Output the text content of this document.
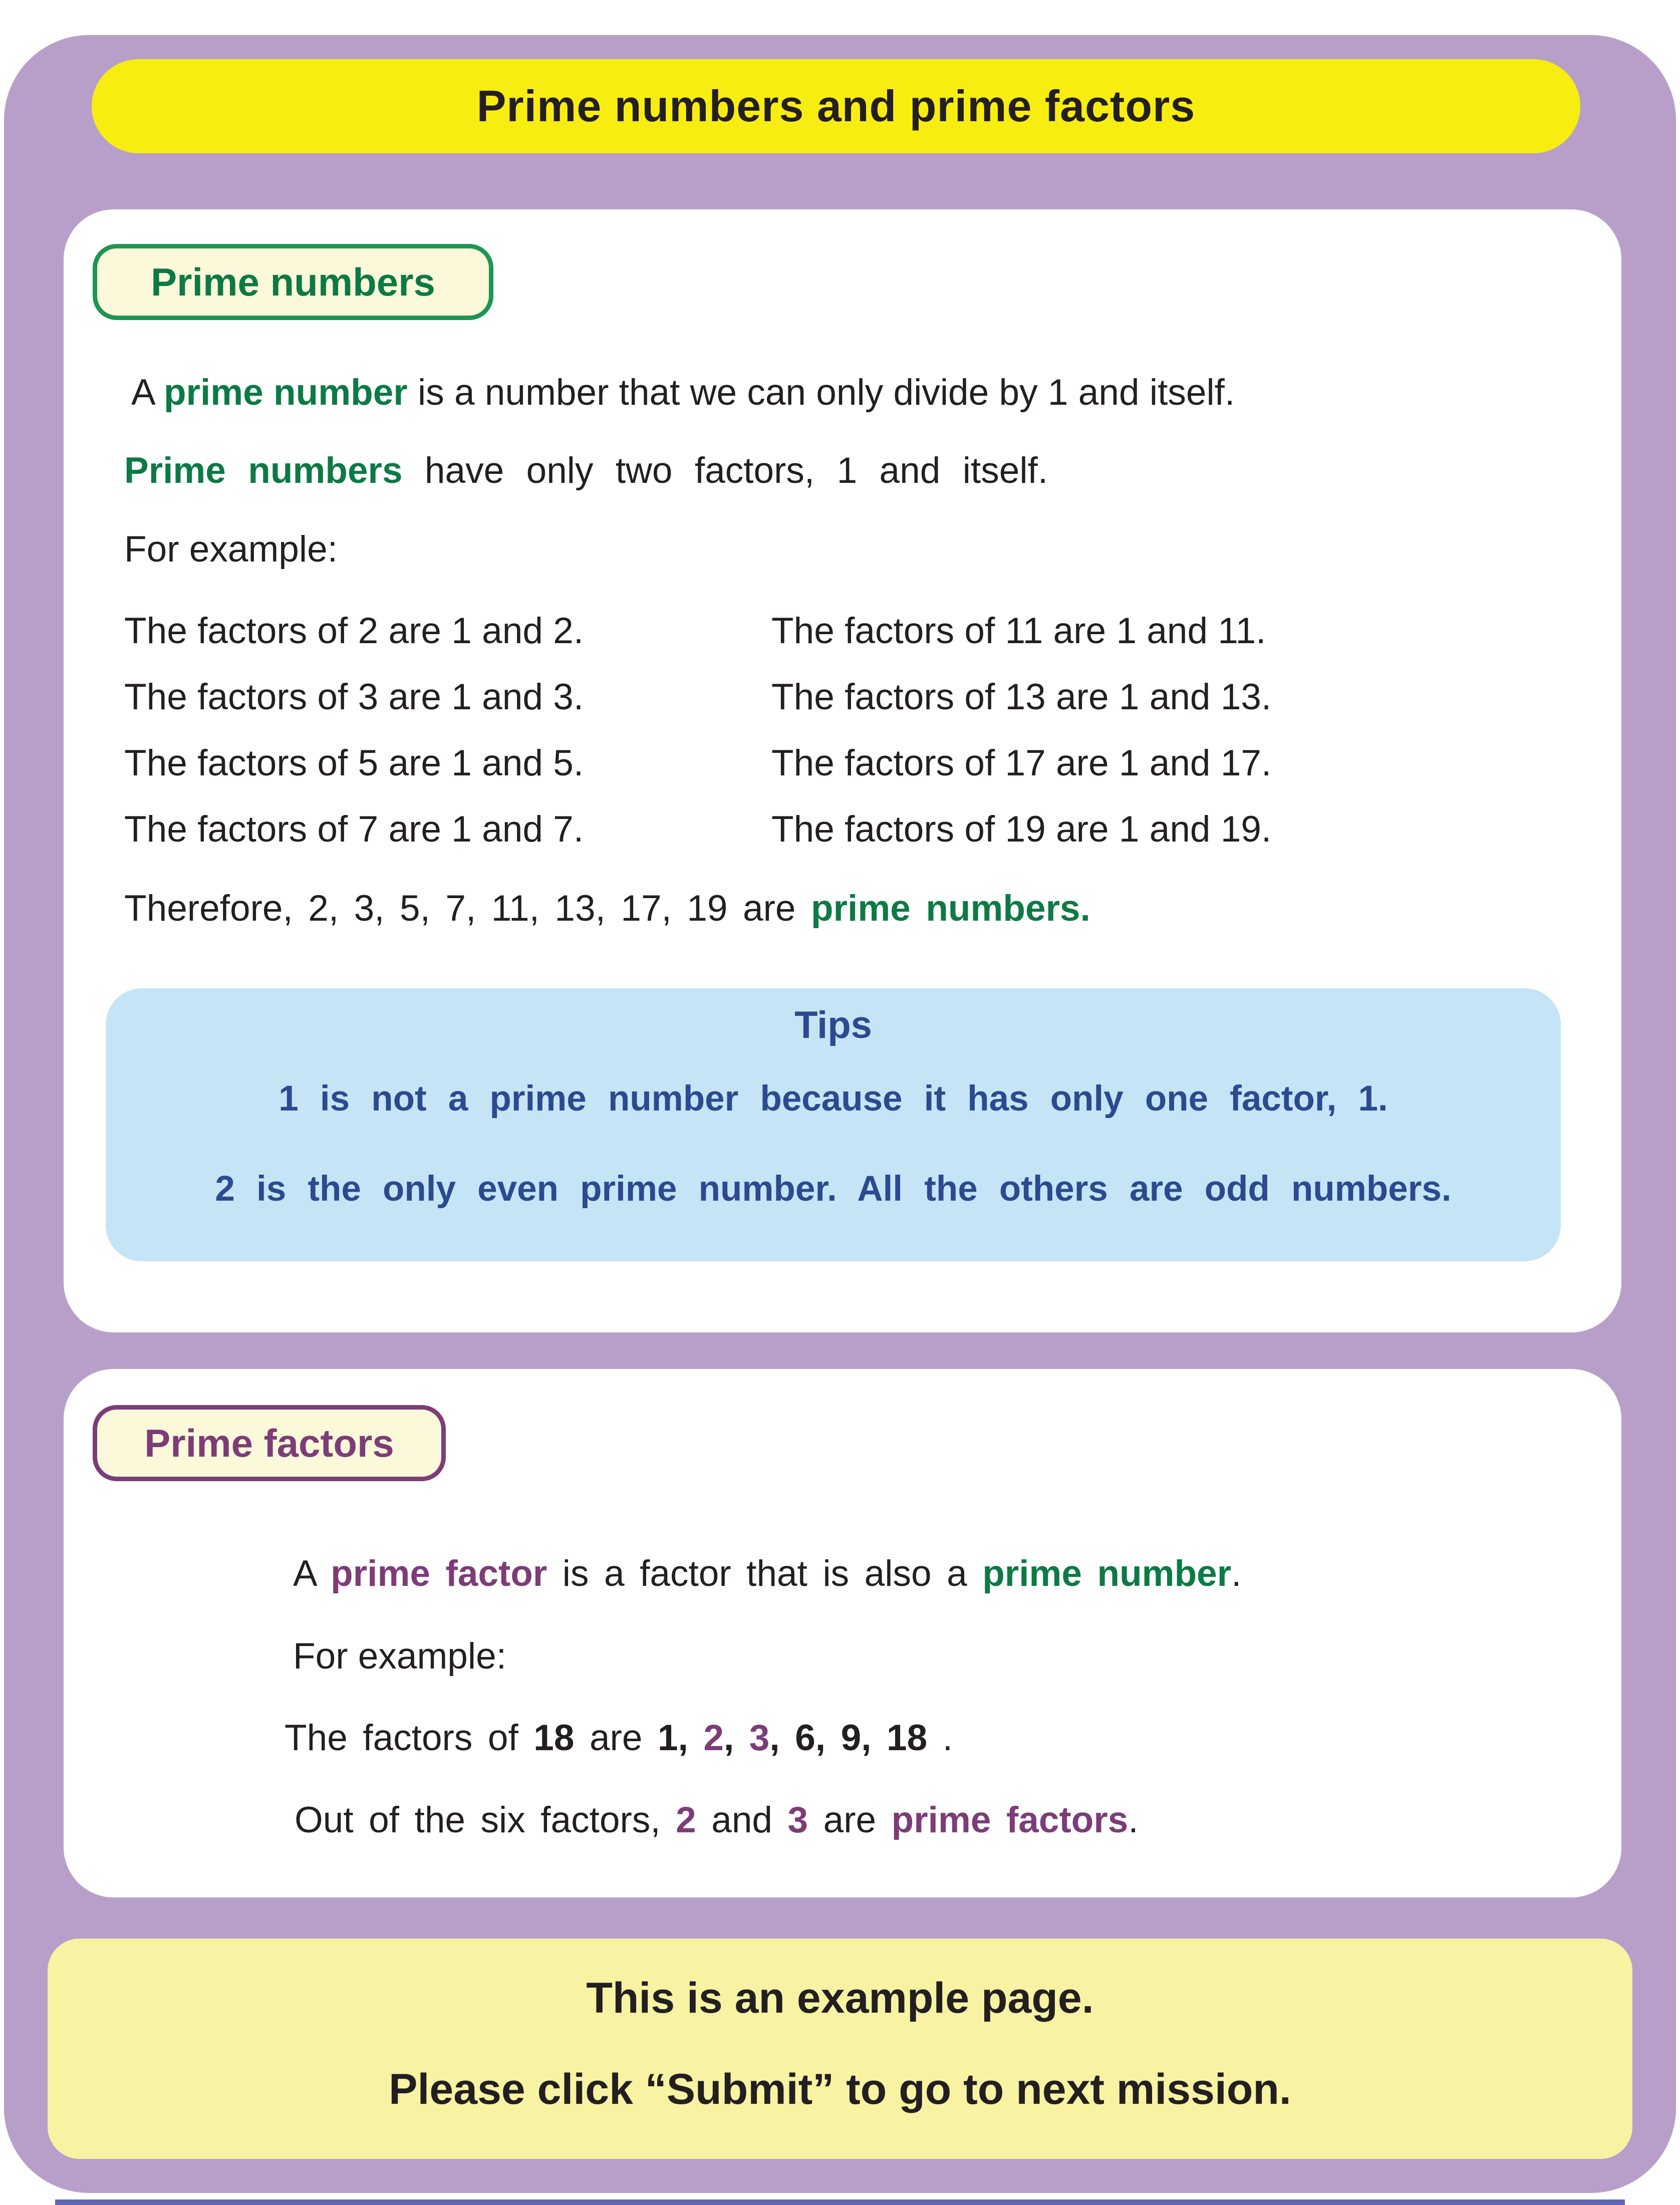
Prime numbers and prime factors
Prime numbers
A prime number is a number that we can only divide by 1 and itself.
Prime numbers have only two factors, 1 and itself.
For example:
The factors of 2 are 1 and 2.
The factors of 3 are 1 and 3.
The factors of 5 are 1 and 5.
The factors of 7 are 1 and 7.
The factors of 11 are 1 and 11.
The factors of 13 are 1 and 13.
The factors of 17 are 1 and 17.
The factors of 19 are 1 and 19.
Therefore, 2, 3, 5, 7, 11, 13, 17, 19 are prime numbers.
Tips
1 is not a prime number because it has only one factor, 1.
2 is the only even prime number. All the others are odd numbers.
Prime factors
A prime factor is a factor that is also a prime number.
For example:
The factors of 18 are 1, 2, 3, 6, 9, 18 .
Out of the six factors, 2 and 3 are prime factors.
This is an example page.
Please click “Submit” to go to next mission.
